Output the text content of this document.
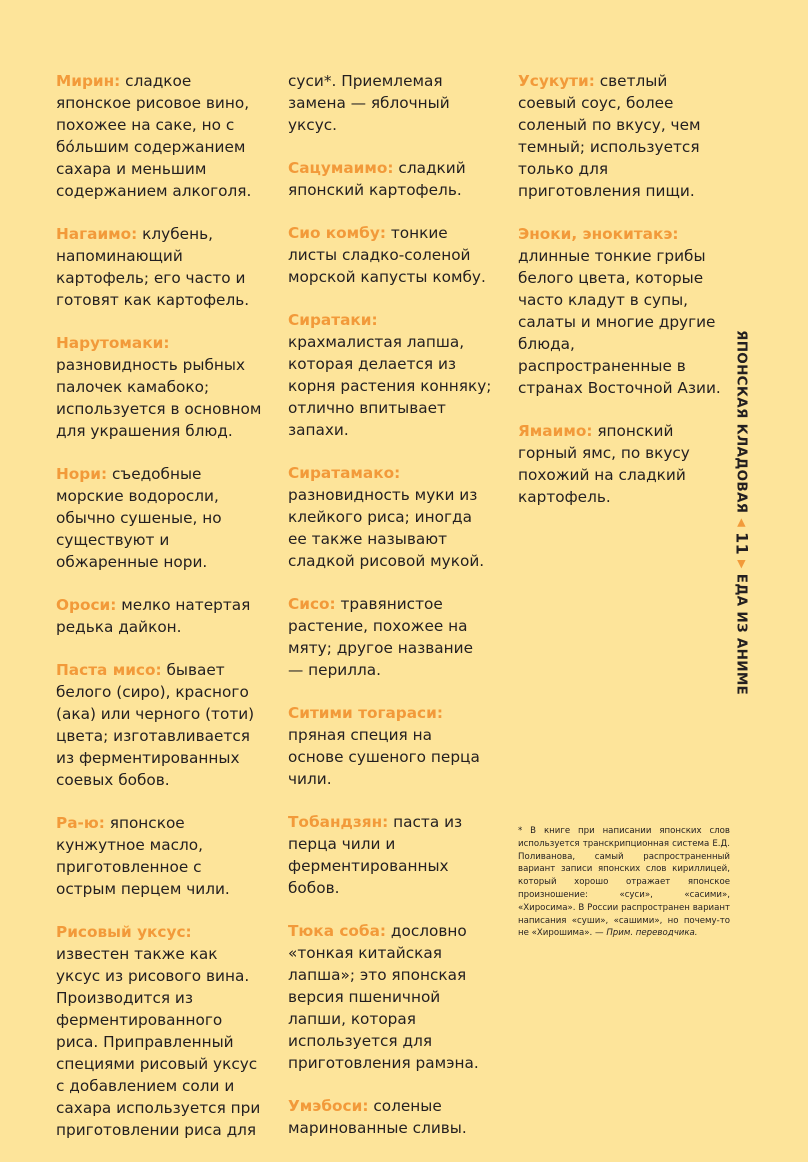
Мирин: сладкое японское рисовое вино, похожее на саке, но с бо́льшим содержанием сахара и меньшим содержанием алкоголя.

Нагаимо: клубень, напоминающий картофель; его часто и готовят как картофель.

Нарутомаки: разновидность рыбных палочек камабоко; используется в основном для украшения блюд.

Нори: съедобные морские водоросли, обычно сушеные, но существуют и обжаренные нори.

Ороси: мелко натертая редька дайкон.

Паста мисо: бывает белого (сиро), красного (ака) или черного (тоти) цвета; изготавливается из ферментированных соевых бобов.

Ра-ю: японское кунжутное масло, приготовленное с острым перцем чили.

Рисовый уксус: известен также как уксус из рисового вина. Производится из ферментированного риса. Приправленный специями рисовый уксус с добавлением соли и сахара используется при приготовлении риса для

суси*. Приемлемая замена — яблочный уксус.

Сацумаимо: сладкий японский картофель.

Сио комбу: тонкие листы сладко-соленой морской капусты комбу.

Сиратаки: крахмалистая лапша, которая делается из корня растения конняку; отлично впитывает запахи.

Сиратамако: разновидность муки из клейкого риса; иногда ее также называют сладкой рисовой мукой.

Сисо: травянистое растение, похожее на мяту; другое название — перилла.

Ситими тогараси: пряная специя на основе сушеного перца чили.

Тобандзян: паста из перца чили и ферментированных бобов.

Тюка соба: дословно «тонкая китайская лапша»; это японская версия пшеничной лапши, которая используется для приготовления рамэна.

Умэбоси: соленые маринованные сливы.

Усукути: светлый соевый соус, более соленый по вкусу, чем темный; используется только для приготовления пищи.

Эноки, энокитакэ: длинные тонкие грибы белого цвета, которые часто кладут в супы, салаты и многие другие блюда, распространенные в странах Восточной Азии.

Ямаимо: японский горный ямс, по вкусу похожий на сладкий картофель.

* В книге при написании японских слов используется транскрипционная система Е.Д. Поливанова, самый распространенный вариант записи японских слов кириллицей, который хорошо отражает японское произношение: «суси», «сасими», «Хиросима». В России распространен вариант написания «суши», «сашими», но почему-то не «Хирошима». — Прим. переводчика.
ЯПОНСКАЯ КЛАДОВАЯ
◀
11
▶
ЕДА ИЗ АНИМЕ
